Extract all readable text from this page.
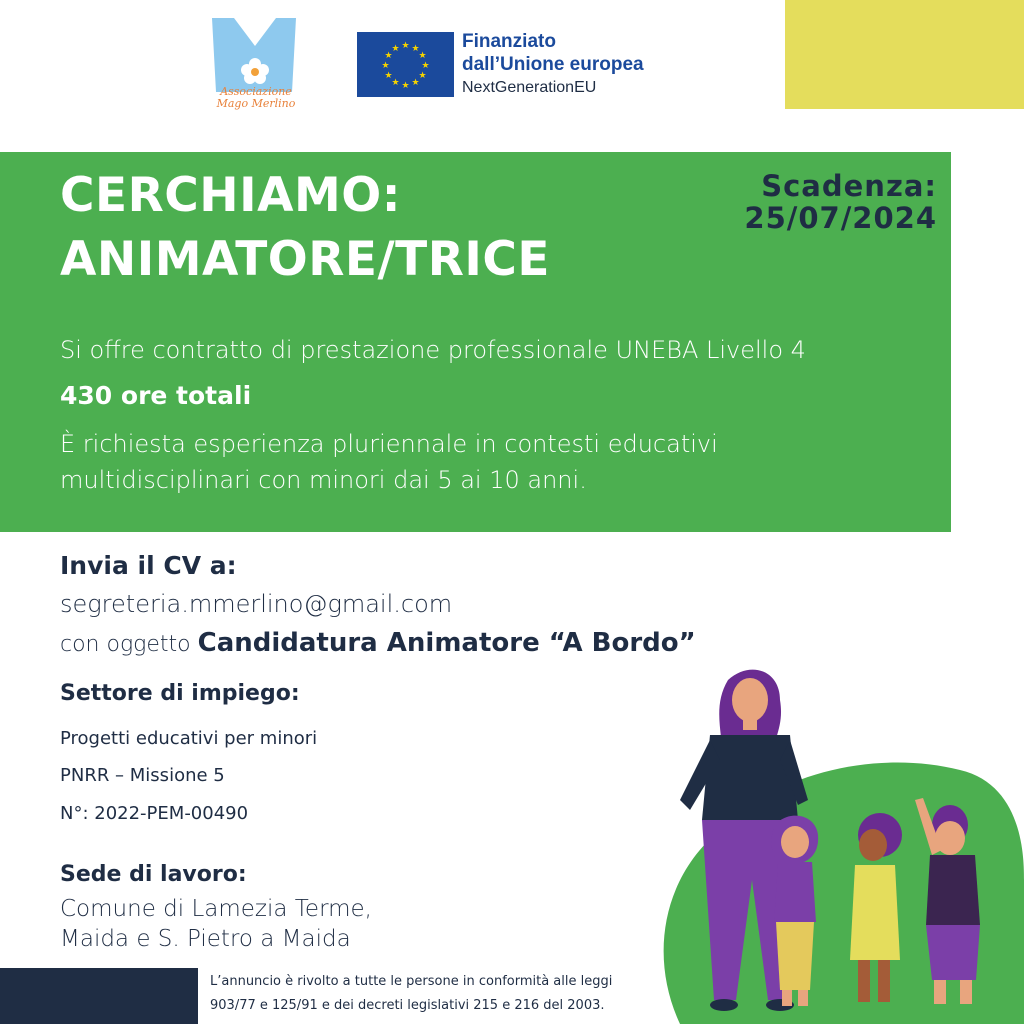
Associazione
Mago Merlino
★ ★
★
★
★
★
★
★
★
★
★
★	Finanziato
dall’Unione europea
NextGenerationEU
CERCHIAMO:
ANIMATORE/TRICE
Scadenza:
25/07/2024
Si offre contratto di prestazione professionale UNEBA Livello 4
430 ore totali
È richiesta esperienza pluriennale in contesti educativi
multidisciplinari con minori dai 5 ai 10 anni.
Invia il CV a:
segreteria.mmerlino@gmail.com
con oggetto Candidatura Animatore “A Bordo”
Settore di impiego:
Progetti educativi per minori
PNRR – Missione 5
N°: 2022-PEM-00490
Sede di lavoro:
Comune di Lamezia Terme,
Maida e S. Pietro a Maida
L’annuncio è rivolto a tutte le persone in conformità alle leggi
903/77 e 125/91 e dei decreti legislativi 215 e 216 del 2003.
